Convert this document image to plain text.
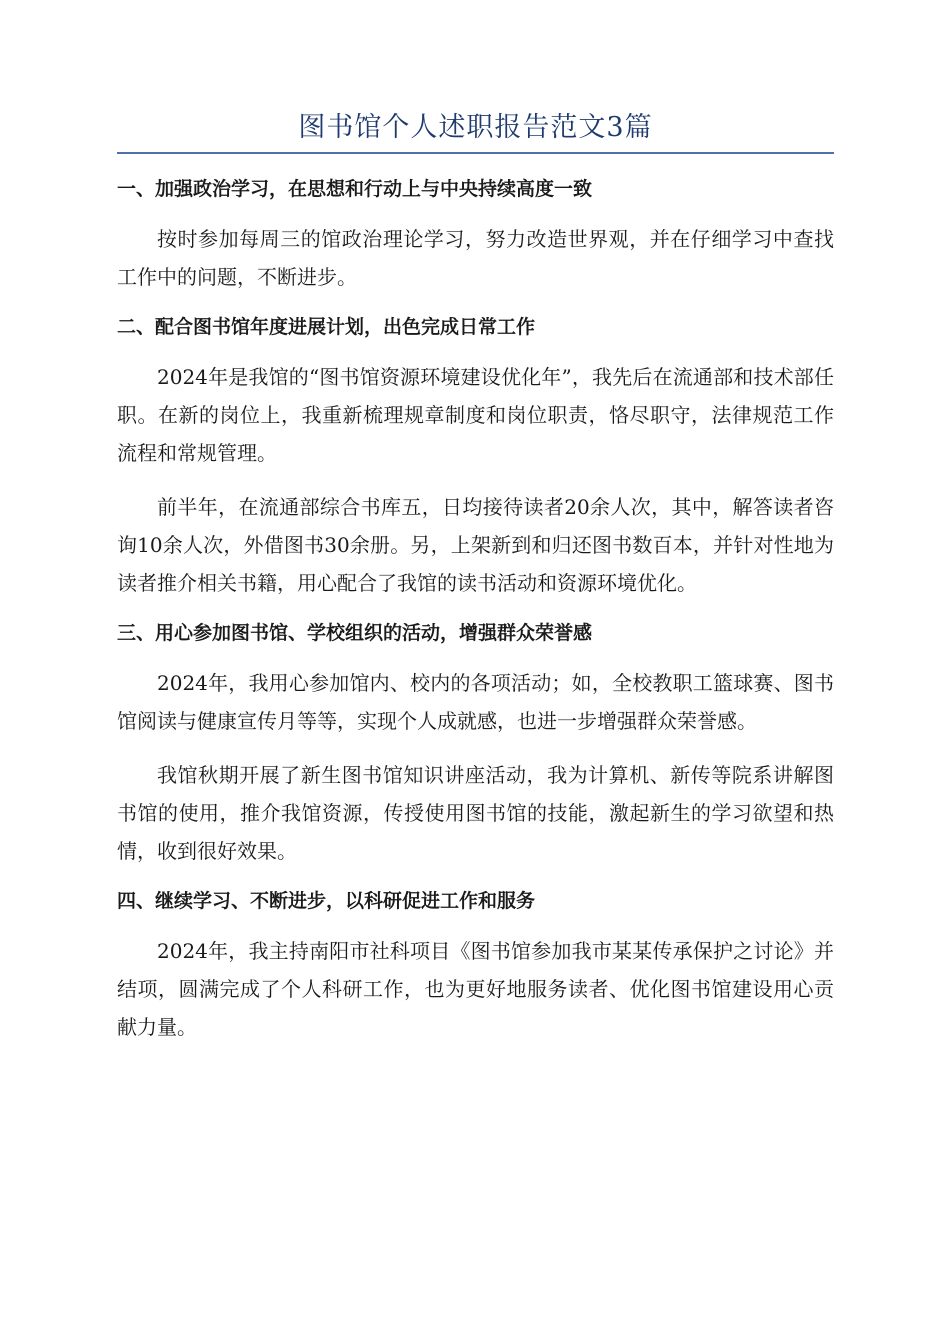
图书馆个人述职报告范文3篇

一、加强政治学习，在思想和行动上与中央持续高度一致

按时参加每周三的馆政治理论学习，努力改造世界观，并在仔细学习中查找工作中的问题，不断进步。

二、配合图书馆年度进展计划，出色完成日常工作

2024年是我馆的“图书馆资源环境建设优化年”，我先后在流通部和技术部任职。在新的岗位上，我重新梳理规章制度和岗位职责，恪尽职守，法律规范工作流程和常规管理。

前半年，在流通部综合书库五，日均接待读者20余人次，其中，解答读者咨询10余人次，外借图书30余册。另，上架新到和归还图书数百本，并针对性地为读者推介相关书籍，用心配合了我馆的读书活动和资源环境优化。

三、用心参加图书馆、学校组织的活动，增强群众荣誉感

2024年，我用心参加馆内、校内的各项活动；如，全校教职工篮球赛、图书馆阅读与健康宣传月等等，实现个人成就感，也进一步增强群众荣誉感。

我馆秋期开展了新生图书馆知识讲座活动，我为计算机、新传等院系讲解图书馆的使用，推介我馆资源，传授使用图书馆的技能，激起新生的学习欲望和热情，收到很好效果。

四、继续学习、不断进步，以科研促进工作和服务

2024年，我主持南阳市社科项目《图书馆参加我市某某传承保护之讨论》并结项，圆满完成了个人科研工作，也为更好地服务读者、优化图书馆建设用心贡献力量。
